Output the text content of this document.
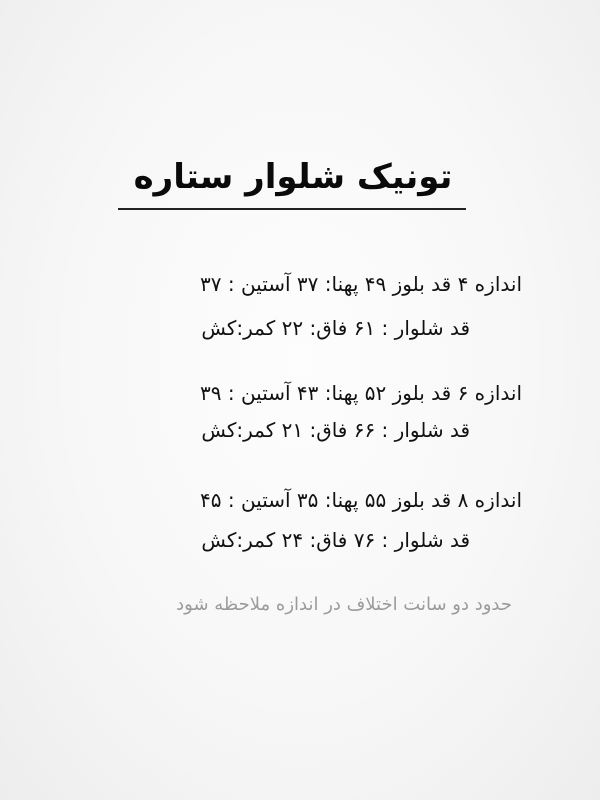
تونیک شلوار ستاره
اندازه ۴ قد بلوز ۴۹ پهنا: ۳۷ آستین : ۳۷
قد شلوار : ۶۱ فاق: ۲۲ کمر:کش
اندازه ۶ قد بلوز ۵۲ پهنا: ۴۳ آستین : ۳۹
قد شلوار : ۶۶ فاق: ۲۱ کمر:کش
اندازه ۸ قد بلوز ۵۵ پهنا: ۳۵ آستین : ۴۵
قد شلوار : ۷۶ فاق: ۲۴ کمر:کش
حدود دو سانت اختلاف در اندازه ملاحظه شود
